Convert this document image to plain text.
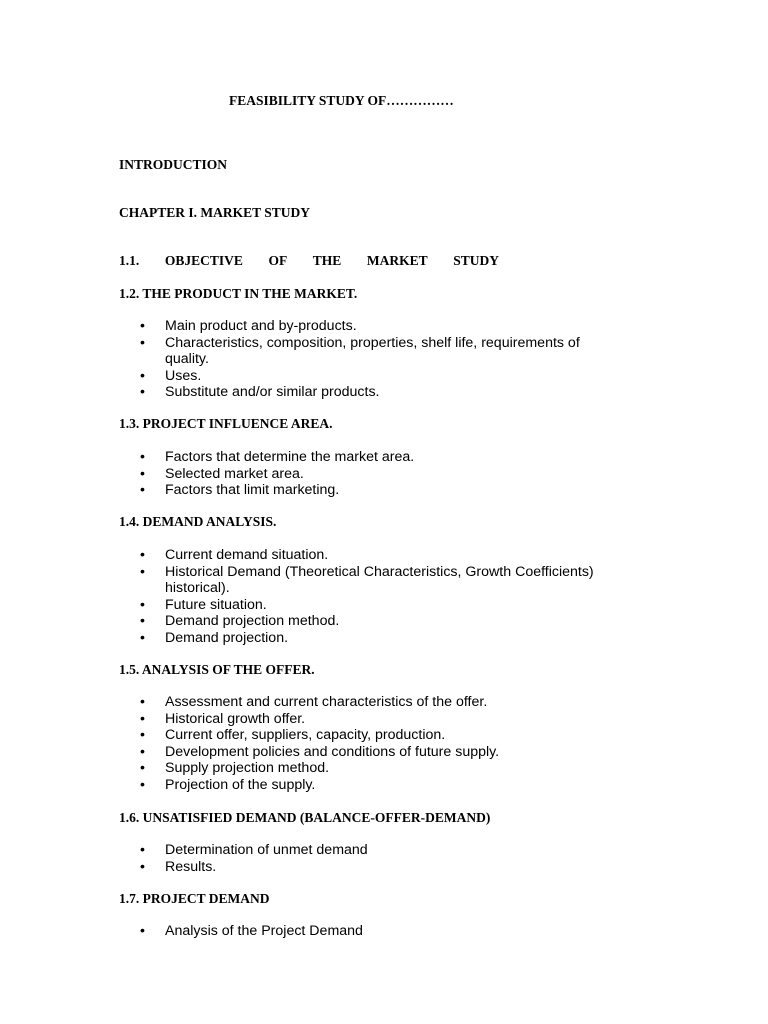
FEASIBILITY STUDY OF……………
INTRODUCTION
CHAPTER I. MARKET STUDY
1.1. OBJECTIVE OF THE MARKET STUDY
1.2. THE PRODUCT IN THE MARKET.
•	Main product and by-products.
•	Characteristics, composition, properties, shelf life, requirements of quality.
•	Uses.
•	Substitute and/or similar products.
1.3. PROJECT INFLUENCE AREA.
•	Factors that determine the market area.
•	Selected market area.
•	Factors that limit marketing.
1.4. DEMAND ANALYSIS.
•	Current demand situation.
•	Historical Demand (Theoretical Characteristics, Growth Coefficients) historical).
•	Future situation.
•	Demand projection method.
•	Demand projection.
1.5. ANALYSIS OF THE OFFER.
•	Assessment and current characteristics of the offer.
•	Historical growth offer.
•	Current offer, suppliers, capacity, production.
•	Development policies and conditions of future supply.
•	Supply projection method.
•	Projection of the supply.
1.6. UNSATISFIED DEMAND (BALANCE-OFFER-DEMAND)
•	Determination of unmet demand
•	Results.
1.7. PROJECT DEMAND
•	Analysis of the Project Demand
